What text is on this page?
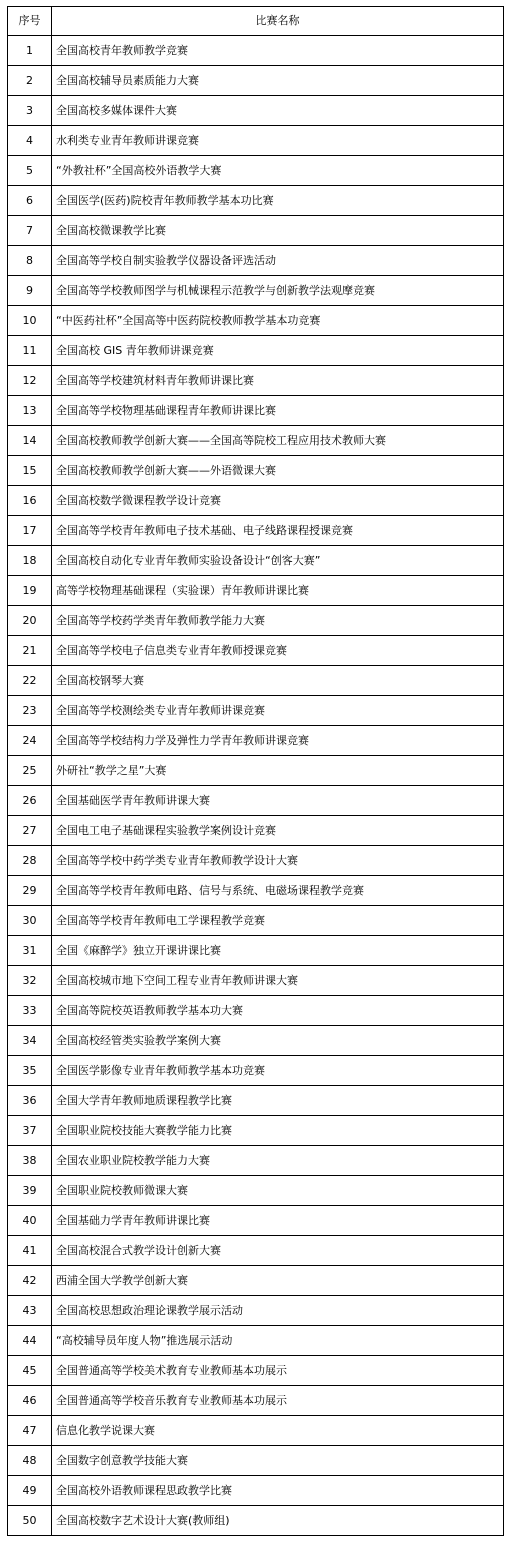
序号	比赛名称
1	全国高校青年教师教学竞赛
2	全国高校辅导员素质能力大赛
3	全国高校多媒体课件大赛
4	水利类专业青年教师讲课竞赛
5	“外教社杯”全国高校外语教学大赛
6	全国医学(医药)院校青年教师教学基本功比赛
7	全国高校微课教学比赛
8	全国高等学校自制实验教学仪器设备评选活动
9	全国高等学校教师图学与机械课程示范教学与创新教学法观摩竞赛
10	“中医药社杯”全国高等中医药院校教师教学基本功竞赛
11	全国高校 GIS 青年教师讲课竞赛
12	全国高等学校建筑材料青年教师讲课比赛
13	全国高等学校物理基础课程青年教师讲课比赛
14	全国高校教师教学创新大赛——全国高等院校工程应用技术教师大赛
15	全国高校教师教学创新大赛——外语微课大赛
16	全国高校数学微课程教学设计竞赛
17	全国高等学校青年教师电子技术基础、电子线路课程授课竞赛
18	全国高校自动化专业青年教师实验设备设计“创客大赛”
19	高等学校物理基础课程（实验课）青年教师讲课比赛
20	全国高等学校药学类青年教师教学能力大赛
21	全国高等学校电子信息类专业青年教师授课竞赛
22	全国高校钢琴大赛
23	全国高等学校测绘类专业青年教师讲课竞赛
24	全国高等学校结构力学及弹性力学青年教师讲课竞赛
25	外研社“教学之星”大赛
26	全国基础医学青年教师讲课大赛
27	全国电工电子基础课程实验教学案例设计竞赛
28	全国高等学校中药学类专业青年教师教学设计大赛
29	全国高等学校青年教师电路、信号与系统、电磁场课程教学竞赛
30	全国高等学校青年教师电工学课程教学竞赛
31	全国《麻醉学》独立开课讲课比赛
32	全国高校城市地下空间工程专业青年教师讲课大赛
33	全国高等院校英语教师教学基本功大赛
34	全国高校经管类实验教学案例大赛
35	全国医学影像专业青年教师教学基本功竞赛
36	全国大学青年教师地质课程教学比赛
37	全国职业院校技能大赛教学能力比赛
38	全国农业职业院校教学能力大赛
39	全国职业院校教师微课大赛
40	全国基础力学青年教师讲课比赛
41	全国高校混合式教学设计创新大赛
42	西浦全国大学教学创新大赛
43	全国高校思想政治理论课教学展示活动
44	“高校辅导员年度人物”推选展示活动
45	全国普通高等学校美术教育专业教师基本功展示
46	全国普通高等学校音乐教育专业教师基本功展示
47	信息化教学说课大赛
48	全国数字创意教学技能大赛
49	全国高校外语教师课程思政教学比赛
50	全国高校数字艺术设计大赛(教师组)
